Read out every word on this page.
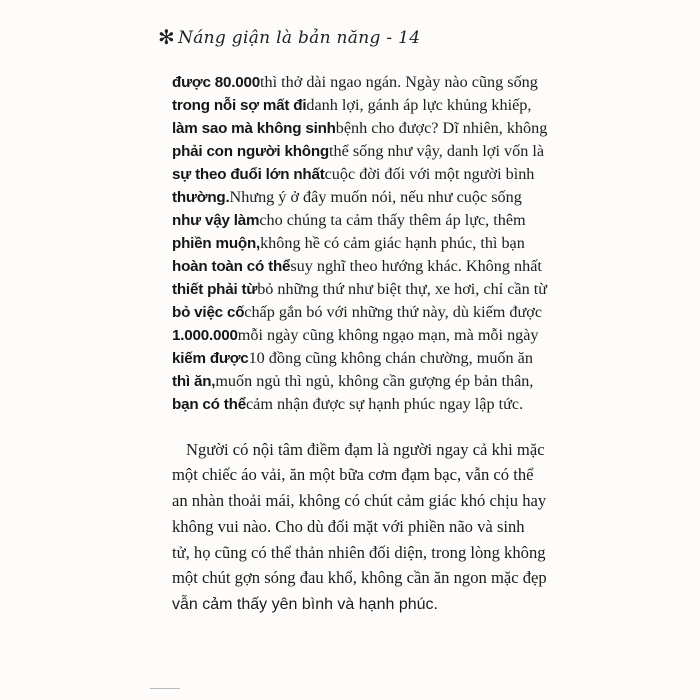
✻ Náng giận là bản năng - 14
được 80.000thì thở dài ngao ngán. Ngày nào cũng sống
trong nỗi sợ mất đidanh lợi, gánh áp lực khủng khiếp,
làm sao mà không sinhbệnh cho được? Dĩ nhiên, không
phải con người khôngthể sống như vậy, danh lợi vốn là
sự theo đuổi lớn nhấtcuộc đời đối với một người bình
thường.Nhưng ý ở đây muốn nói, nếu như cuộc sống
như vậy làmcho chúng ta cảm thấy thêm áp lực, thêm
phiền muộn,không hề có cảm giác hạnh phúc, thì bạn
hoàn toàn có thểsuy nghĩ theo hướng khác. Không nhất
thiết phải từbỏ những thứ như biệt thự, xe hơi, chỉ cần từ
bỏ việc cốchấp gắn bó với những thứ này, dù kiếm được
1.000.000mỗi ngày cũng không ngạo mạn, mà mỗi ngày
kiếm được10 đồng cũng không chán chường, muốn ăn
thì ăn,muốn ngủ thì ngủ, không cần gượng ép bản thân,
bạn có thểcảm nhận được sự hạnh phúc ngay lập tức.
Người có nội tâm điềm đạm là người ngay cả khi mặc
một chiếc áo vải, ăn một bữa cơm đạm bạc, vẫn có thể
an nhàn thoải mái, không có chút cảm giác khó chịu hay
không vui nào. Cho dù đối mặt với phiền não và sinh
tử, họ cũng có thể thản nhiên đối diện, trong lòng không
một chút gợn sóng đau khổ, không cần ăn ngon mặc đẹp
vẫn cảm thấy yên bình và hạnh phúc.
